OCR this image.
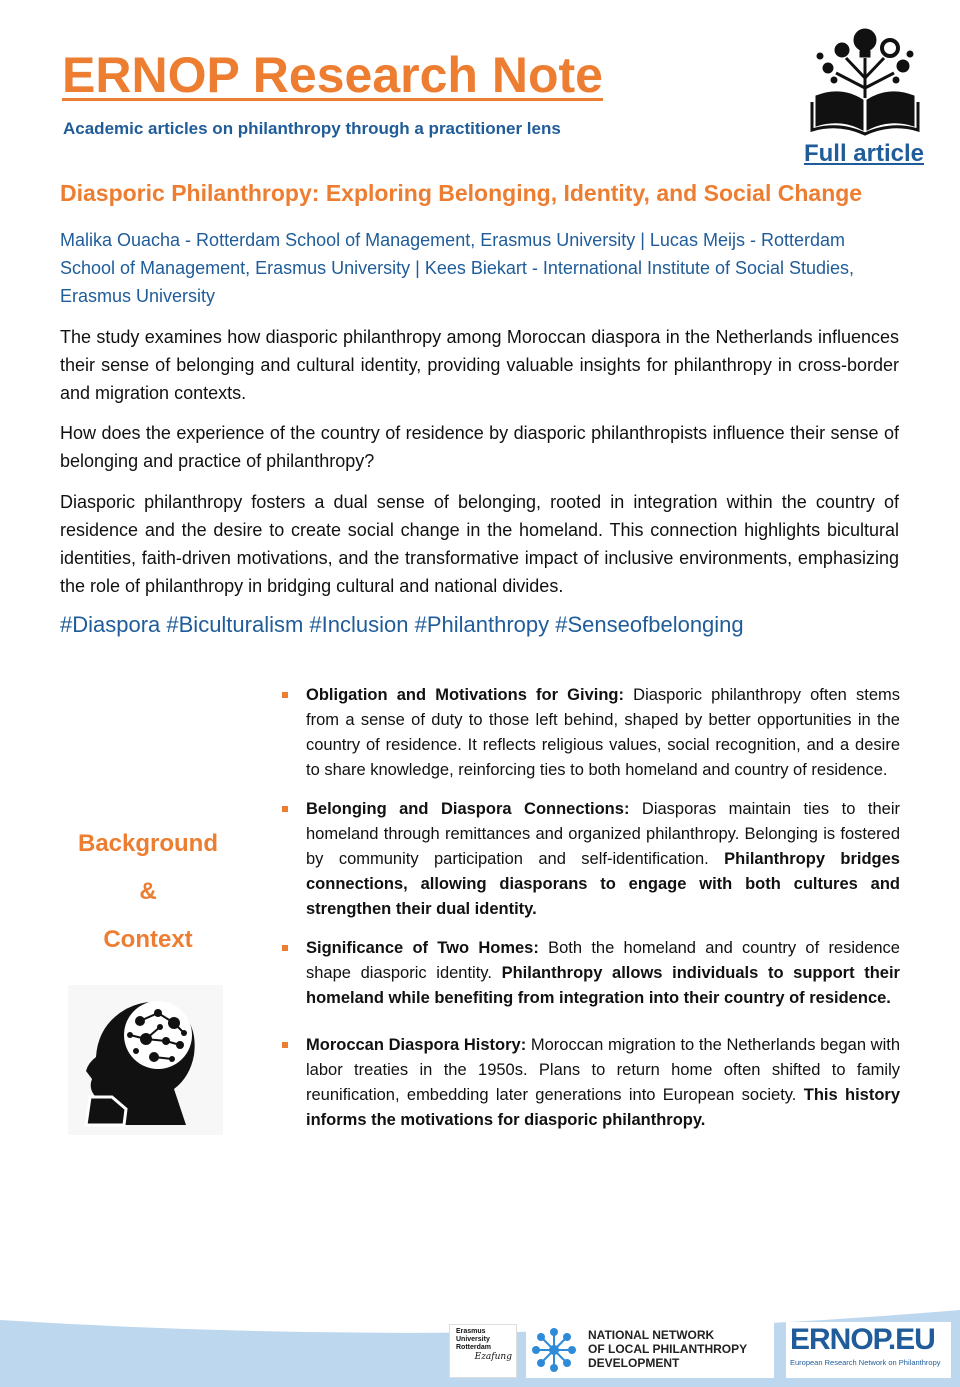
ERNOP Research Note
Academic articles on philanthropy through a practitioner lens
Full article
Diasporic Philanthropy: Exploring Belonging, Identity, and Social Change
Malika Ouacha - Rotterdam School of Management, Erasmus University | Lucas Meijs - Rotterdam School of Management, Erasmus University | Kees Biekart - International Institute of Social Studies, Erasmus University
The study examines how diasporic philanthropy among Moroccan diaspora in the Netherlands influences their sense of belonging and cultural identity, providing valuable insights for philanthropy in cross-border and migration contexts.
How does the experience of the country of residence by diasporic philanthropists influence their sense of belonging and practice of philanthropy?
Diasporic philanthropy fosters a dual sense of belonging, rooted in integration within the country of residence and the desire to create social change in the homeland. This connection highlights bicultural identities, faith-driven motivations, and the transformative impact of inclusive environments, emphasizing the role of philanthropy in bridging cultural and national divides.
#Diaspora #Biculturalism #Inclusion #Philanthropy #Senseofbelonging
Background
&
Context
Obligation and Motivations for Giving: Diasporic philanthropy often stems from a sense of duty to those left behind, shaped by better opportunities in the country of residence. It reflects religious values, social recognition, and a desire to share knowledge, reinforcing ties to both homeland and country of residence.
Belonging and Diaspora Connections: Diasporas maintain ties to their homeland through remittances and organized philanthropy. Belonging is fostered by community participation and self-identification. Philanthropy bridges connections, allowing diasporans to engage with both cultures and strengthen their dual identity.
Significance of Two Homes: Both the homeland and country of residence shape diasporic identity. Philanthropy allows individuals to support their homeland while benefiting from integration into their country of residence.
Moroccan Diaspora History: Moroccan migration to the Netherlands began with labor treaties in the 1950s. Plans to return home often shifted to family reunification, embedding later generations into European society. This history informs the motivations for diasporic philanthropy.
Erasmus
University
Rotterdam
Ezafung
NATIONAL NETWORK
OF LOCAL PHILANTHROPY
DEVELOPMENT
ERNOP.EU
European Research Network on Philanthropy
